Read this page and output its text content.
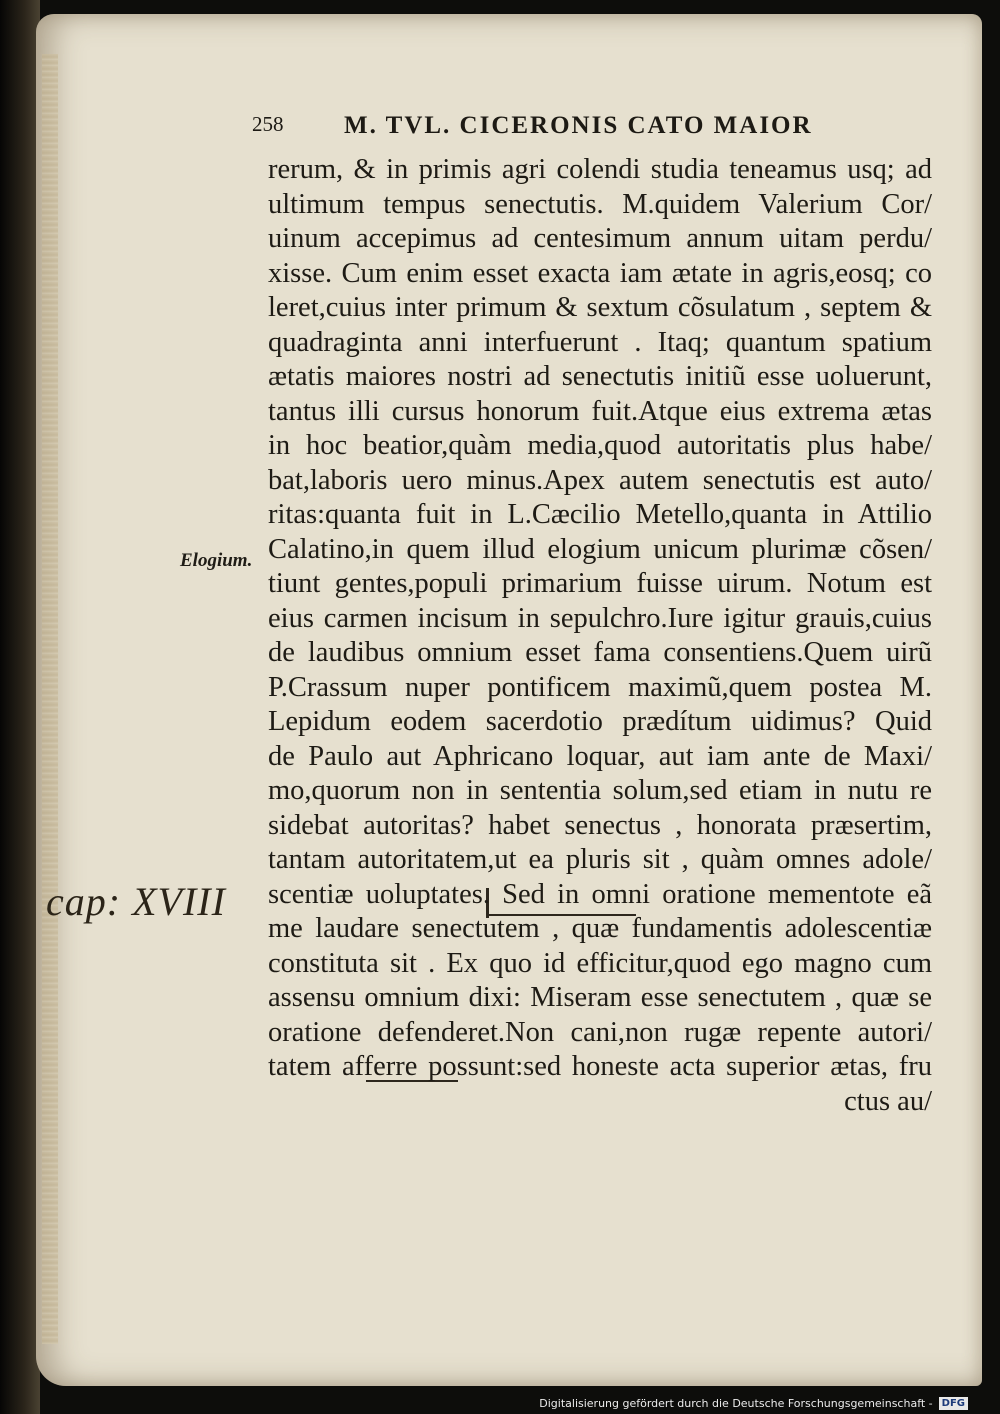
258 M. TVL. CICERONIS CATO MAIOR
Elogium.
cap: XVIII
rerum, & in primis agri colendi studia teneamus usq; ad
ultimum tempus senectutis. M.quidem Valerium Cor/
uinum accepimus ad centesimum annum uitam perdu/
xisse. Cum enim esset exacta iam ætate in agris,eosq; co
leret,cuius inter primum & sextum cõsulatum , septem &
quadraginta anni interfuerunt . Itaq; quantum spatium
ætatis maiores nostri ad senectutis initiũ esse uoluerunt,
tantus illi cursus honorum fuit.Atque eius extrema ætas
in hoc beatior,quàm media,quod autoritatis plus habe/
bat,laboris uero minus.Apex autem senectutis est auto/
ritas:quanta fuit in L.Cæcilio Metello,quanta in Attilio
Calatino,in quem illud elogium unicum plurimæ cõsen/
tiunt gentes,populi primarium fuisse uirum. Notum est
eius carmen incisum in sepulchro.Iure igitur grauis,cuius
de laudibus omnium esset fama consentiens.Quem uirũ
P.Crassum nuper pontificem maximũ,quem postea M.
Lepidum eodem sacerdotio prædítum uidimus? Quid
de Paulo aut Aphricano loquar, aut iam ante de Maxi/
mo,quorum non in sententia solum,sed etiam in nutu re
sidebat autoritas? habet senectus , honorata præsertim,
tantam autoritatem,ut ea pluris sit , quàm omnes adole/
scentiæ uoluptates. Sed in omni oratione mementote eã
me laudare senectutem , quæ fundamentis adolescentiæ
constituta sit . Ex quo id efficitur,quod ego magno cum
assensu omnium dixi: Miseram esse senectutem , quæ se
oratione defenderet.Non cani,non rugæ repente autori/
tatem afferre possunt:sed honeste acta superior ætas, fru
ctus au/
Digitalisierung gefördert durch die Deutsche Forschungsgemeinschaft - DFG
